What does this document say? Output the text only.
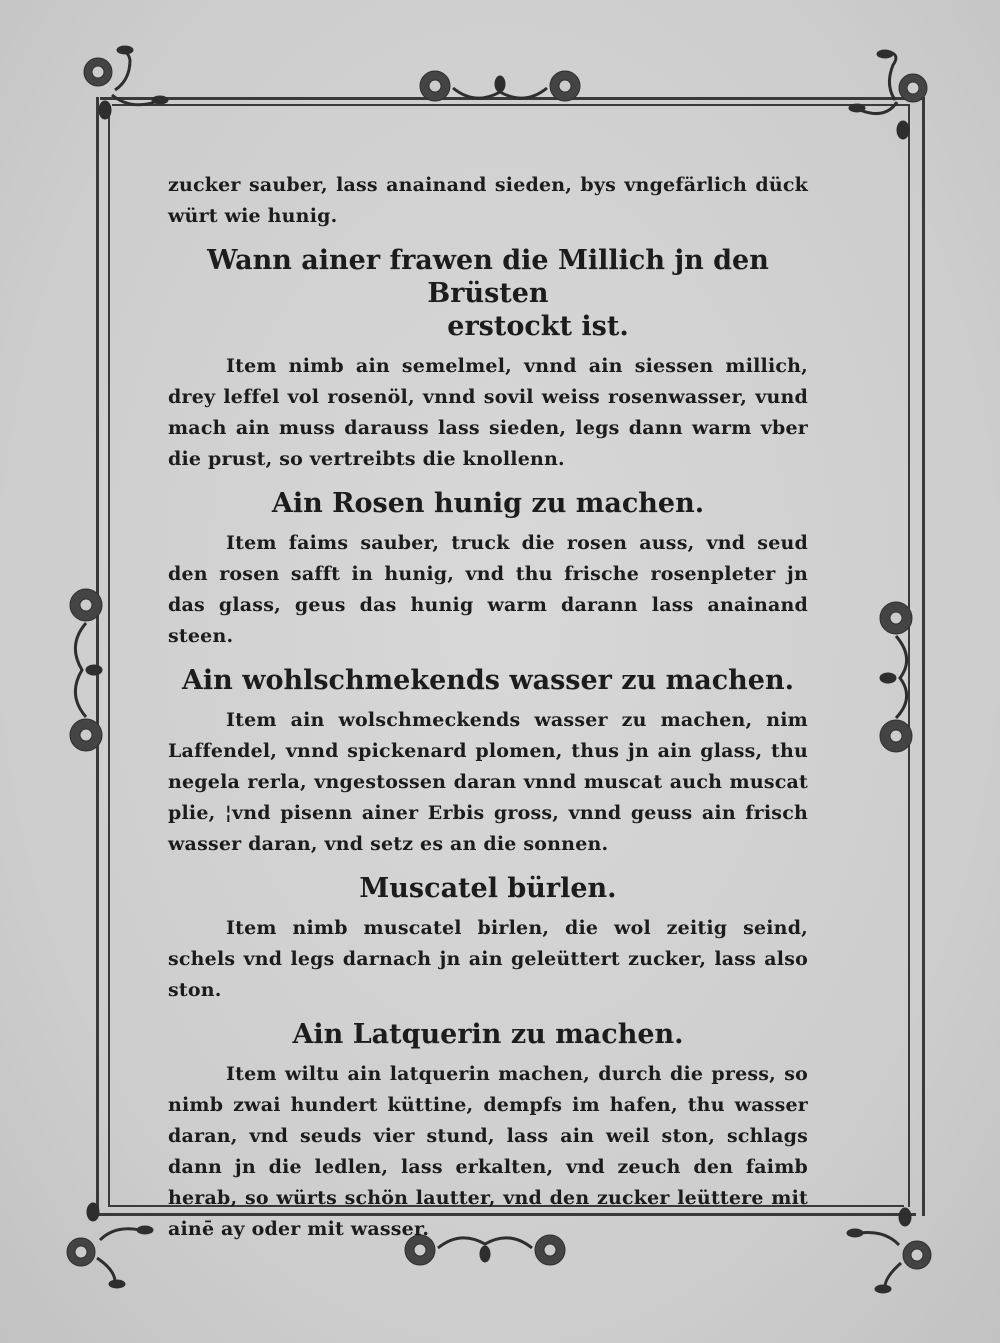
zucker sauber, lass anainand sieden, bys vngefärlich dück würt wie hunig.

Wann ainer frawen die Millich jn den Brüsten
erstockt ist.

Item nimb ain semelmel, vnnd ain siessen millich, drey leffel vol rosenöl, vnnd sovil weiss rosenwasser, vund mach ain muss darauss lass sieden, legs dann warm vber die prust, so vertreibts die knollenn.

Ain Rosen hunig zu machen.

Item faims sauber, truck die rosen auss, vnd seud den rosen safft in hunig, vnd thu frische rosenpleter jn das glass, geus das hunig warm darann lass anainand steen.

Ain wohlschmekends wasser zu machen.

Item ain wolschmeckends wasser zu machen, nim Laffendel, vnnd spickenard plomen, thus jn ain glass, thu negela rerla, vngestossen daran vnnd muscat auch muscat plie, ¦vnd pisenn ainer Erbis gross, vnnd geuss ain frisch wasser daran, vnd setz es an die sonnen.

Muscatel bürlen.

Item nimb muscatel birlen, die wol zeitig seind, schels vnd legs darnach jn ain geleüttert zucker, lass also ston.

Ain Latquerin zu machen.

Item wiltu ain latquerin machen, durch die press, so nimb zwai hundert küttine, dempfs im hafen, thu wasser daran, vnd seuds vier stund, lass ain weil ston, schlags dann jn die ledlen, lass erkalten, vnd zeuch den faimb herab, so würts schön lautter, vnd den zucker leüttere mit ainē ay oder mit wasser.
